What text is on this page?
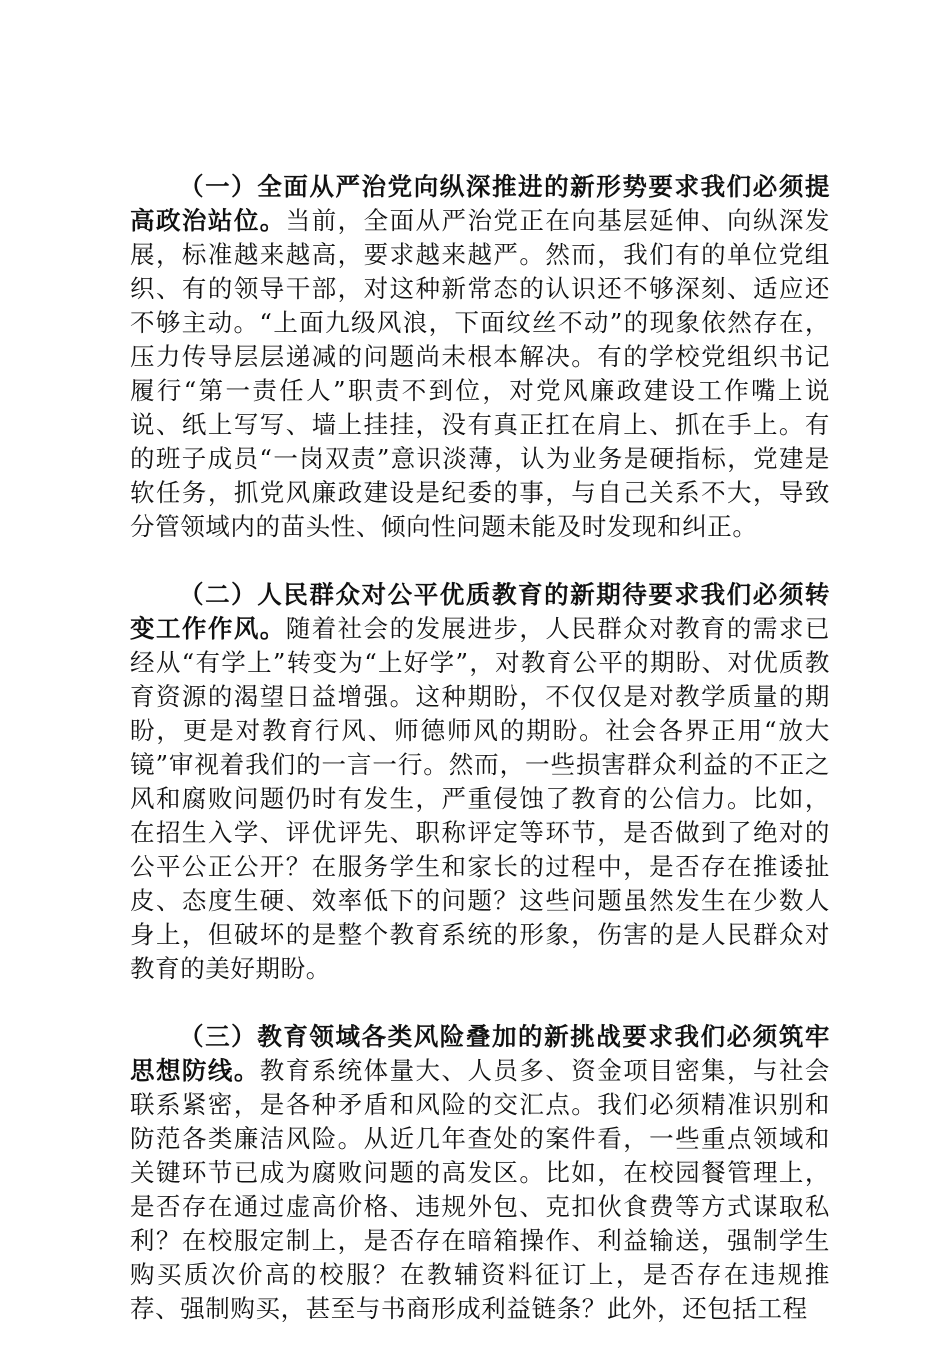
（一）全面从严治党向纵深推进的新形势要求我们必须提高政治站位。当前，全面从严治党正在向基层延伸、向纵深发展，标准越来越高，要求越来越严。然而，我们有的单位党组织、有的领导干部，对这种新常态的认识还不够深刻、适应还不够主动。“上面九级风浪，下面纹丝不动”的现象依然存在，压力传导层层递减的问题尚未根本解决。有的学校党组织书记履行“第一责任人”职责不到位，对党风廉政建设工作嘴上说说、纸上写写、墙上挂挂，没有真正扛在肩上、抓在手上。有的班子成员“一岗双责”意识淡薄，认为业务是硬指标，党建是软任务，抓党风廉政建设是纪委的事，与自己关系不大，导致分管领域内的苗头性、倾向性问题未能及时发现和纠正。

（二）人民群众对公平优质教育的新期待要求我们必须转变工作作风。随着社会的发展进步，人民群众对教育的需求已经从“有学上”转变为“上好学”，对教育公平的期盼、对优质教育资源的渴望日益增强。这种期盼，不仅仅是对教学质量的期盼，更是对教育行风、师德师风的期盼。社会各界正用“放大镜”审视着我们的一言一行。然而，一些损害群众利益的不正之风和腐败问题仍时有发生，严重侵蚀了教育的公信力。比如，在招生入学、评优评先、职称评定等环节，是否做到了绝对的公平公正公开？在服务学生和家长的过程中，是否存在推诿扯皮、态度生硬、效率低下的问题？这些问题虽然发生在少数人身上，但破坏的是整个教育系统的形象，伤害的是人民群众对教育的美好期盼。

（三）教育领域各类风险叠加的新挑战要求我们必须筑牢思想防线。教育系统体量大、人员多、资金项目密集，与社会联系紧密，是各种矛盾和风险的交汇点。我们必须精准识别和防范各类廉洁风险。从近几年查处的案件看，一些重点领域和关键环节已成为腐败问题的高发区。比如，在校园餐管理上，是否存在通过虚高价格、违规外包、克扣伙食费等方式谋取私利？在校服定制上，是否存在暗箱操作、利益输送，强制学生购买质次价高的校服？在教辅资料征订上，是否存在违规推荐、强制购买，甚至与书商形成利益链条？此外，还包括工程
